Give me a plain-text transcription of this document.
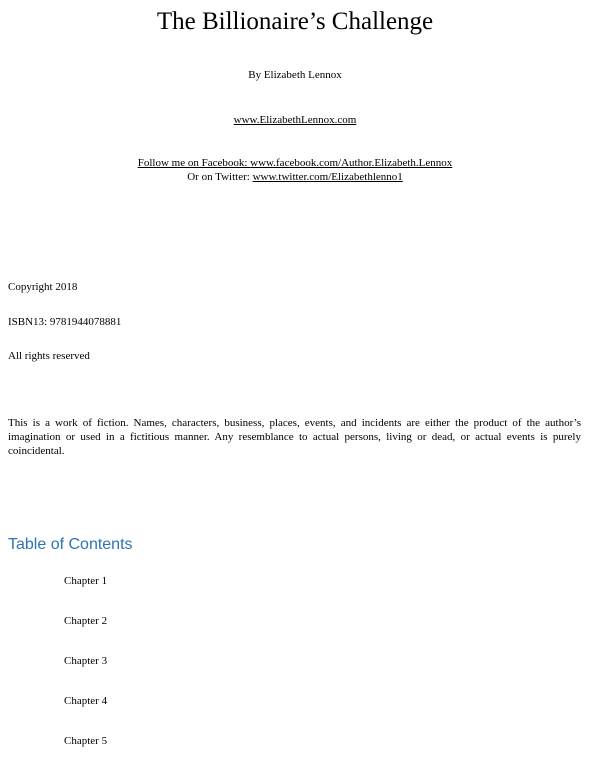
The Billionaire’s Challenge
By Elizabeth Lennox
www.ElizabethLennox.com
Follow me on Facebook: www.facebook.com/Author.Elizabeth.Lennox
Or on Twitter: www.twitter.com/Elizabethlenno1
Copyright 2018
ISBN13: 9781944078881
All rights reserved

This is a work of fiction. Names, characters, business, places, events, and incidents are either the product of the author’s imagination or used in a fictitious manner. Any resemblance to actual persons, living or dead, or actual events is purely coincidental.

Table of Contents
Chapter 1
Chapter 2
Chapter 3
Chapter 4
Chapter 5
